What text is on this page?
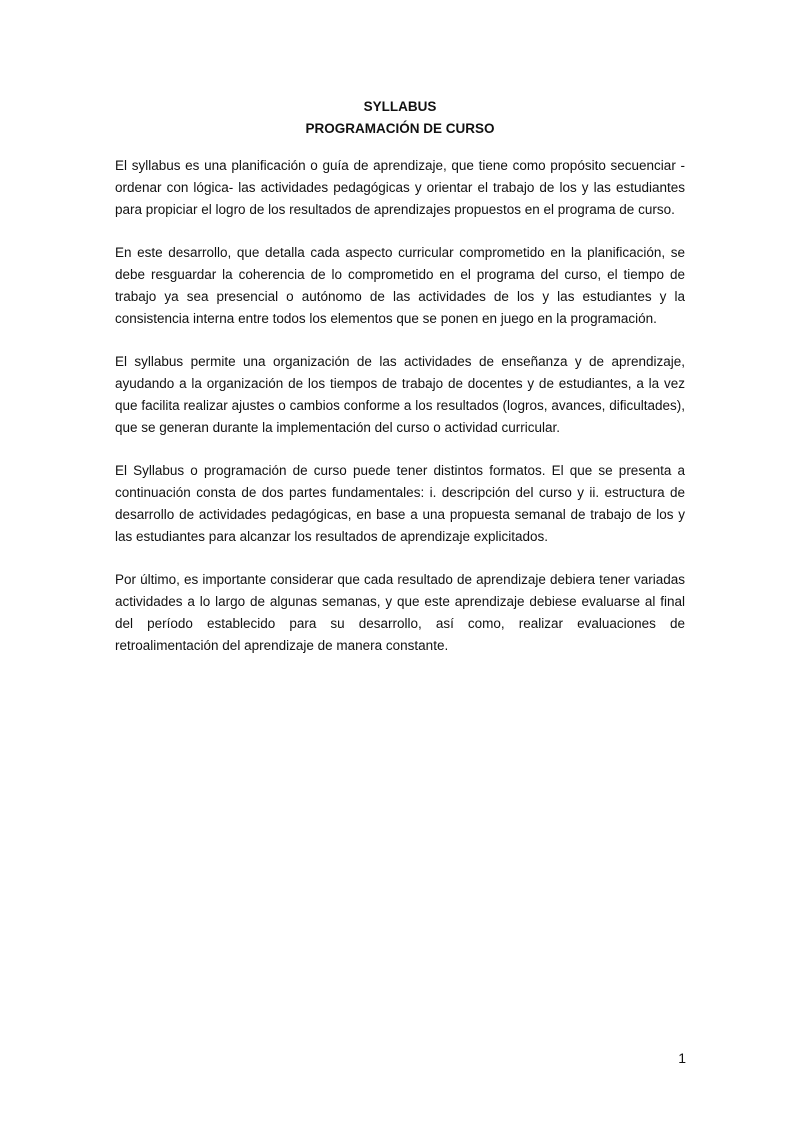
SYLLABUS
PROGRAMACIÓN DE CURSO

El syllabus es una planificación o guía de aprendizaje, que tiene como propósito secuenciar - ordenar con lógica- las actividades pedagógicas y orientar el trabajo de los y las estudiantes para propiciar el logro de los resultados de aprendizajes propuestos en el programa de curso.

En este desarrollo, que detalla cada aspecto curricular comprometido en la planificación, se debe resguardar la coherencia de lo comprometido en el programa del curso, el tiempo de trabajo ya sea presencial o autónomo de las actividades de los y las estudiantes y la consistencia interna entre todos los elementos que se ponen en juego en la programación.

El syllabus permite una organización de las actividades de enseñanza y de aprendizaje, ayudando a la organización de los tiempos de trabajo de docentes y de estudiantes, a la vez que facilita realizar ajustes o cambios conforme a los resultados (logros, avances, dificultades), que se generan durante la implementación del curso o actividad curricular.

El Syllabus o programación de curso puede tener distintos formatos. El que se presenta a continuación consta de dos partes fundamentales: i. descripción del curso y ii. estructura de desarrollo de actividades pedagógicas, en base a una propuesta semanal de trabajo de los y las estudiantes para alcanzar los resultados de aprendizaje explicitados.

Por último, es importante considerar que cada resultado de aprendizaje debiera tener variadas actividades a lo largo de algunas semanas, y que este aprendizaje debiese evaluarse al final del período establecido para su desarrollo, así como, realizar evaluaciones de retroalimentación del aprendizaje de manera constante.

1
